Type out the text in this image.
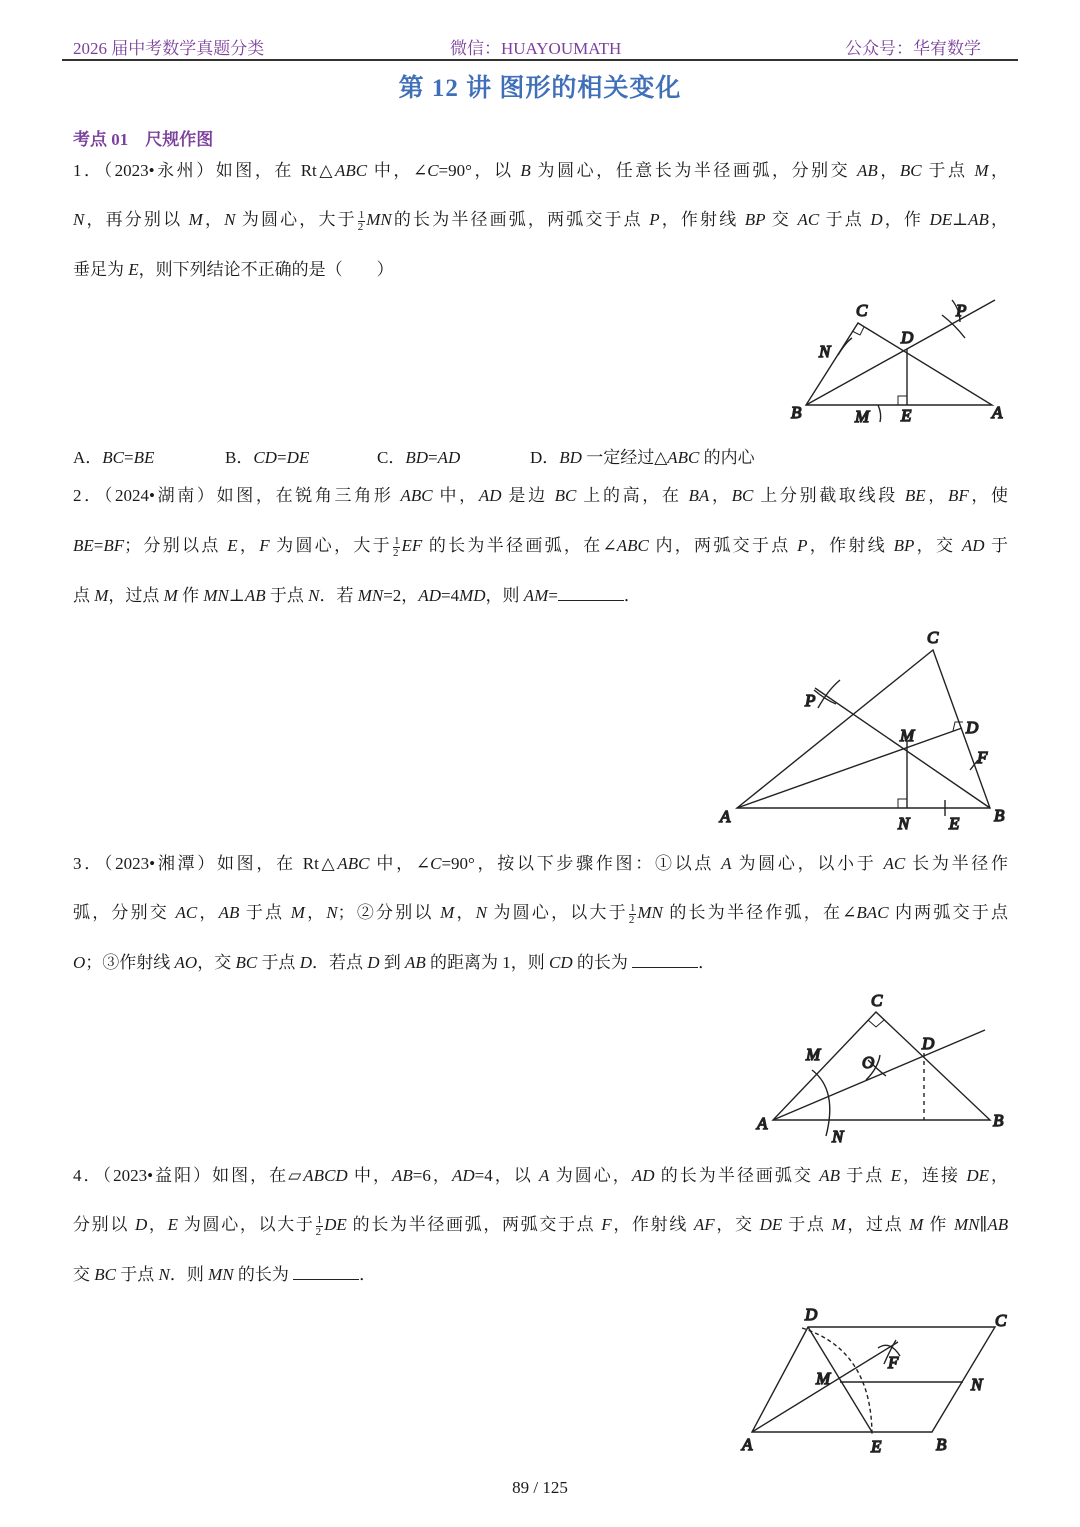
2026 届中考数学真题分类	微信：HUAYOUMATH	公众号：华宥数学
第 12 讲 图形的相关变化
考点 01　尺规作图
1．（2023•永州）如图，在 Rt△ABC 中，∠C=90°，以 B 为圆心，任意长为半径画弧，分别交 AB，BC 于点 M，
N，再分别以 M，N 为圆心，大于 $\frac{1}{2}$ MN的长为半径画弧，两弧交于点 P，作射线 BP 交 AC 于点 D，作 DE⊥AB，
垂足为 E，则下列结论不正确的是（　　）
A．BC=BE	B．CD=DE	C．BD=AD	D．BD 一定经过△ABC 的内心
2．（2024•湖南）如图，在锐角三角形 ABC 中，AD 是边 BC 上的高，在 BA，BC 上分别截取线段 BE，BF，使
BE=BF；分别以点 E，F 为圆心，大于 $\frac{1}{2}$ EF 的长为半径画弧，在∠ABC 内，两弧交于点 P，作射线 BP，交 AD 于
点 M，过点 M 作 MN⊥AB 于点 N．若 MN=2，AD=4MD，则 AM=	．
3．（2023•湘潭）如图，在 Rt△ABC 中，∠C=90°，按以下步骤作图：①以点 A 为圆心，以小于 AC 长为半径作
弧，分别交 AC，AB 于点 M，N；②分别以 M，N 为圆心，以大于 $\frac{1}{2}$ MN 的长为半径作弧，在∠BAC 内两弧交于点
O；③作射线 AO，交 BC 于点 D．若点 D 到 AB 的距离为 1，则 CD 的长为	．
4．（2023•益阳）如图，在▱ABCD 中，AB=6，AD=4，以 A 为圆心，AD 的长为半径画弧交 AB 于点 E，连接 DE，
分别以 D，E 为圆心，以大于 $\frac{1}{2}$ DE 的长为半径画弧，两弧交于点 F，作射线 AF，交 DE 于点 M，过点 M 作 MN∥AB
交 BC 于点 N．则 MN 的长为	．
C	P
N
D
B	M E	A
C
P
M	D
F
A	N E B
C
M O
D
A
N
B
D	C
F
M	N
A	E	B
89 / 125
